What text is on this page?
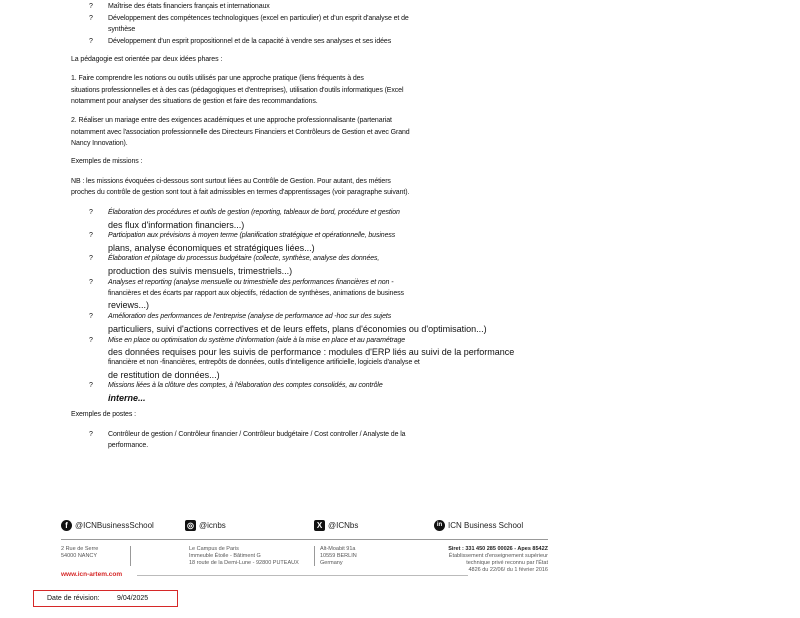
? Maîtrise des états financiers français et internationaux
? Développement des compétences technologiques (excel en particulier) et d'un esprit d'analyse et de
synthèse
? Développement d'un esprit propositionnel et de la capacité à vendre ses analyses et ses idées
La pédagogie est orientée par deux idées phares :
1. Faire comprendre les notions ou outils utilisés par une approche pratique (liens fréquents à des
situations professionnelles et à des cas (pédagogiques et d'entreprises), utilisation d'outils informatiques (Excel
notamment pour analyser des situations de gestion et faire des recommandations.
2. Réaliser un mariage entre des exigences académiques et une approche professionnalisante (partenariat
notamment avec l'association professionnelle des Directeurs Financiers et Contrôleurs de Gestion et avec Grand
Nancy Innovation).
Exemples de missions :
NB : les missions évoquées ci-dessous sont surtout liées au Contrôle de Gestion. Pour autant, des métiers
proches du contrôle de gestion sont tout à fait admissibles en termes d'apprentissages (voir paragraphe suivant).
? Élaboration des procédures et outils de gestion (reporting, tableaux de bord, procédure et gestion
des flux d'information financiers...)
? Participation aux prévisions à moyen terme (planification stratégique et opérationnelle, business
plans, analyse économiques et stratégiques liées...)
? Élaboration et pilotage du processus budgétaire (collecte, synthèse, analyse des données,
production des suivis mensuels, trimestriels...)
? Analyses et reporting (analyse mensuelle ou trimestrielle des performances financières et non -
financières et des écarts par rapport aux objectifs, rédaction de synthèses, animations de business
reviews...)
? Amélioration des performances de l'entreprise (analyse de performance ad -hoc sur des sujets
particuliers, suivi d'actions correctives et de leurs effets, plans d'économies ou d'optimisation...)
? Mise en place ou optimisation du système d'information (aide à la mise en place et au paramétrage
des données requises pour les suivis de performance : modules d'ERP liés au suivi de la performance
financière et non -financières, entrepôts de données, outils d'intelligence artificielle, logiciels d'analyse et
de restitution de données...)
? Missions liées à la clôture des comptes, à l'élaboration des comptes consolidés, au contrôle
interne...
Exemples de postes :
? Contrôleur de gestion / Contrôleur financier / Contrôleur budgétaire / Cost controller / Analyste de la
performance.
f @ICNBusinessSchool	◎ @icnbs	X @ICNbs	in ICN Business School
2 Rue de Serre
54000 NANCY
Le Campus de Paris
Immeuble Étoile - Bâtiment G
18 route de la Demi-Lune - 92800 PUTEAUX
Alt-Moabit 91a
10559 BERLIN
Germany
Siret : 331 450 285 00026 - Apes 8542Z
Établissement d'enseignement supérieur
technique privé reconnu par l'État
4826 du 22/06/ du 1 février 2016
www.icn-artem.com
Date de révision: 9/04/2025
